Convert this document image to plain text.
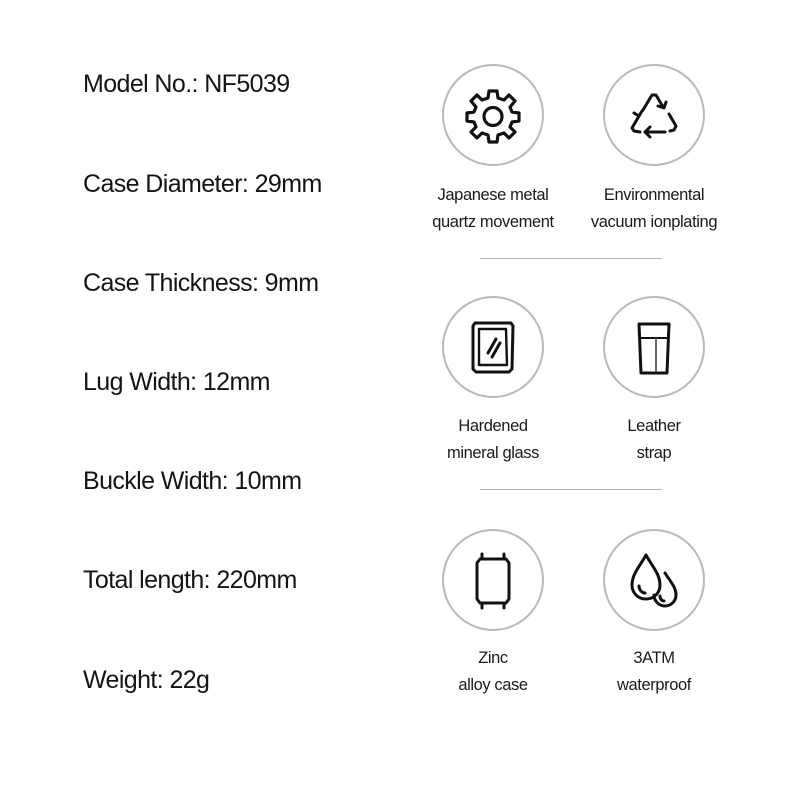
Model No.: NF5039
Case Diameter: 29mm
Case Thickness: 9mm
Lug Width: 12mm
Buckle Width: 10mm
Total length: 220mm
Weight: 22g
Japanese metal
quartz movement
Environmental
vacuum ionplating
Hardened
mineral glass
Leather
strap
Zinc
alloy case
3ATM
waterproof
